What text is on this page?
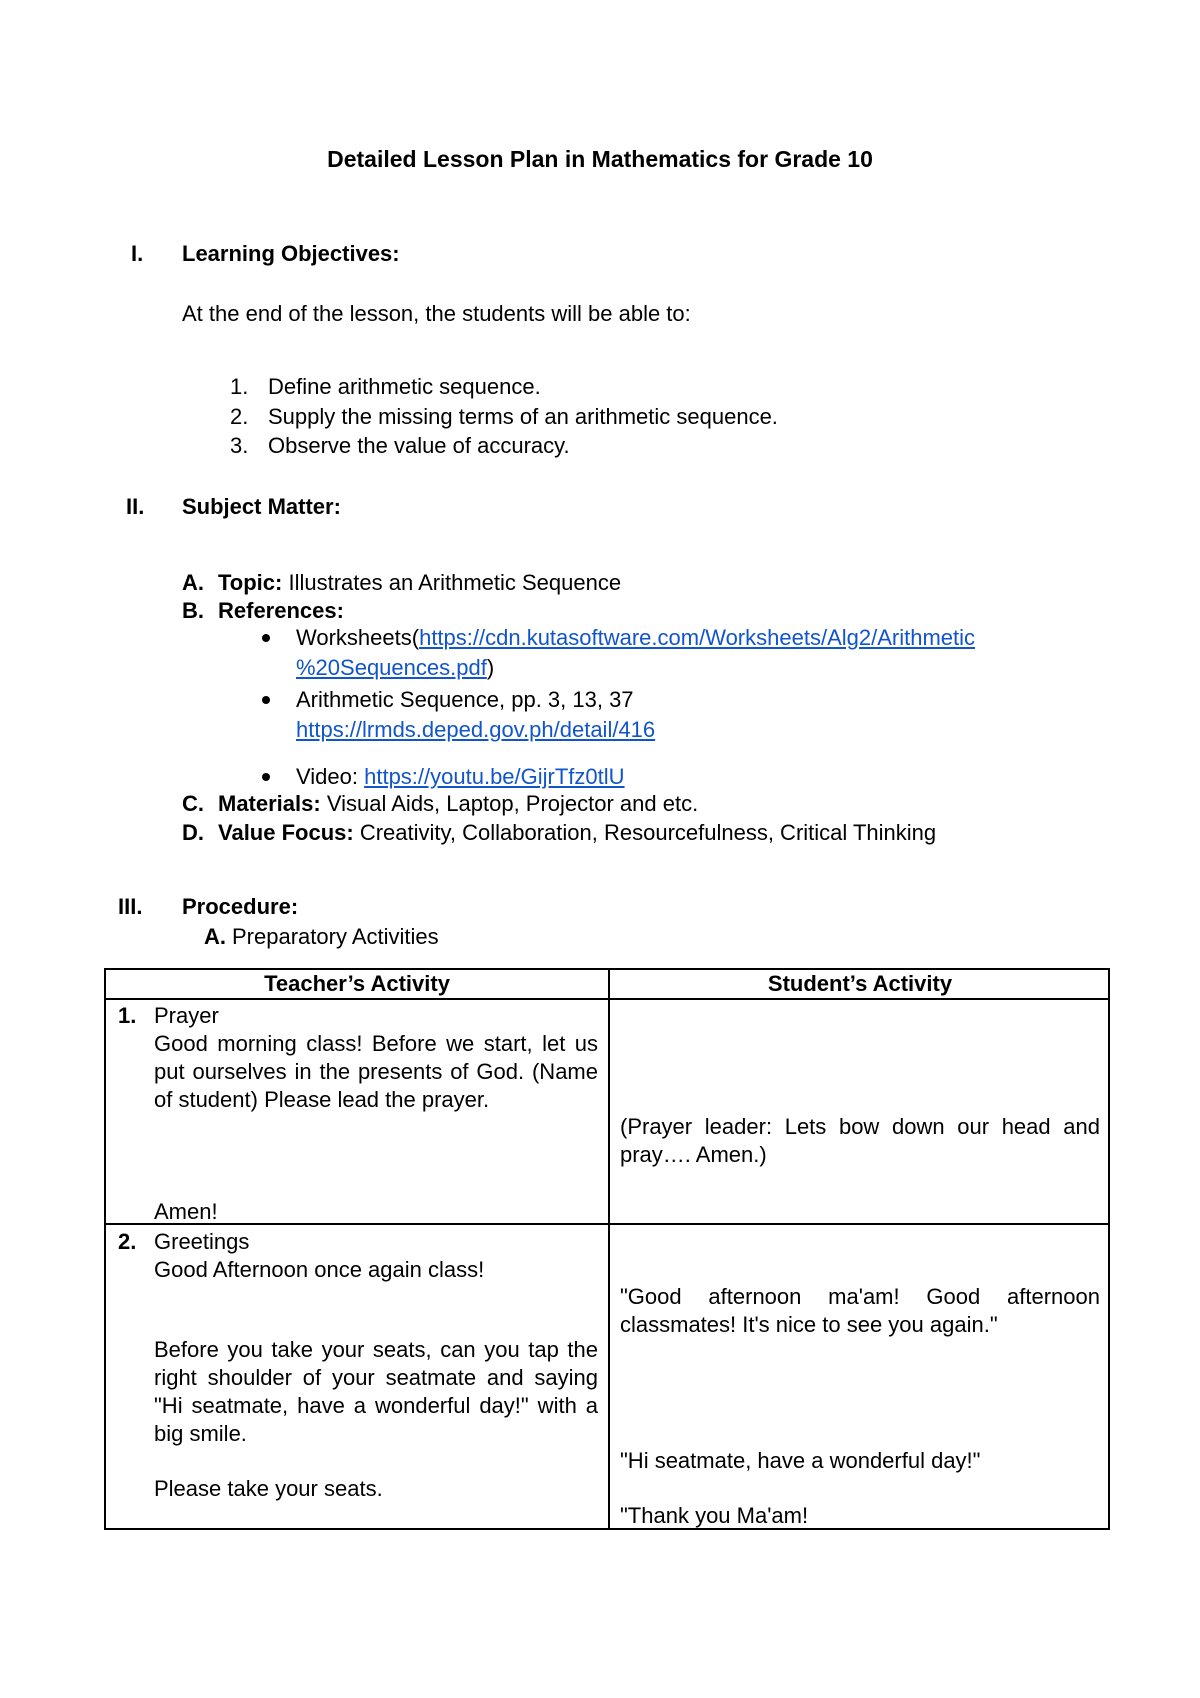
Detailed Lesson Plan in Mathematics for Grade 10
I. Learning Objectives:
At the end of the lesson, the students will be able to:
1. Define arithmetic sequence.
2. Supply the missing terms of an arithmetic sequence.
3. Observe the value of accuracy.
II. Subject Matter:
A. Topic: Illustrates an Arithmetic Sequence
B. References:
Worksheets(https://cdn.kutasoftware.com/Worksheets/Alg2/Arithmetic
%20Sequences.pdf)
Arithmetic Sequence, pp. 3, 13, 37
https://lrmds.deped.gov.ph/detail/416
Video: https://youtu.be/GijrTfz0tlU
C. Materials: Visual Aids, Laptop, Projector and etc.
D. Value Focus: Creativity, Collaboration, Resourcefulness, Critical Thinking
III. Procedure:
A. Preparatory Activities
Teacher’s Activity	Student’s Activity
1. Prayer
Good morning class! Before we start, let us put ourselves in the presents of God. (Name of student) Please lead the prayer.
Amen!
(Prayer leader: Lets bow down our head and pray…. Amen.)
2. Greetings
Good Afternoon once again class!
Before you take your seats, can you tap the right shoulder of your seatmate and saying "Hi seatmate, have a wonderful day!" with a big smile.
Please take your seats.
"Good afternoon ma'am! Good afternoon classmates! It's nice to see you again."
"Hi seatmate, have a wonderful day!"
"Thank you Ma'am!
